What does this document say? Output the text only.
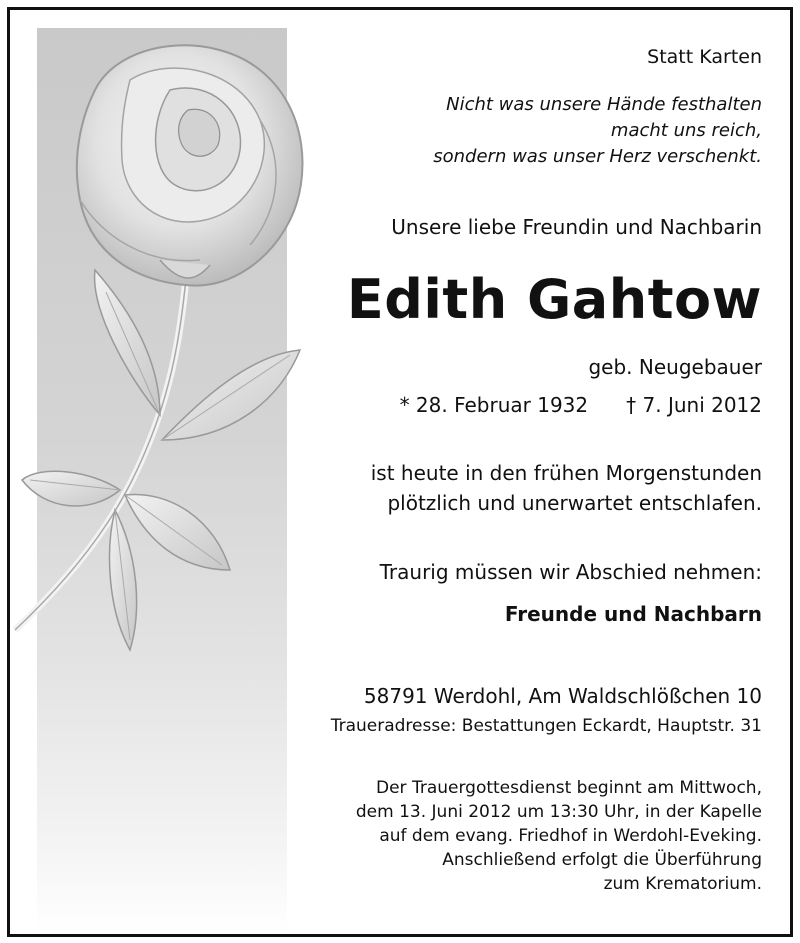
Statt Karten
Nicht was unsere Hände festhalten
macht uns reich,
sondern was unser Herz verschenkt.
Unsere liebe Freundin und Nachbarin
Edith Gahtow
geb. Neugebauer
* 28. Februar 1932 † 7. Juni 2012
ist heute in den frühen Morgenstunden
plötzlich und unerwartet entschlafen.
Traurig müssen wir Abschied nehmen:
Freunde und Nachbarn
58791 Werdohl, Am Waldschlößchen 10
Traueradresse: Bestattungen Eckardt, Hauptstr. 31
Der Trauergottesdienst beginnt am Mittwoch,
dem 13. Juni 2012 um 13:30 Uhr, in der Kapelle
auf dem evang. Friedhof in Werdohl-Eveking.
Anschließend erfolgt die Überführung
zum Krematorium.
